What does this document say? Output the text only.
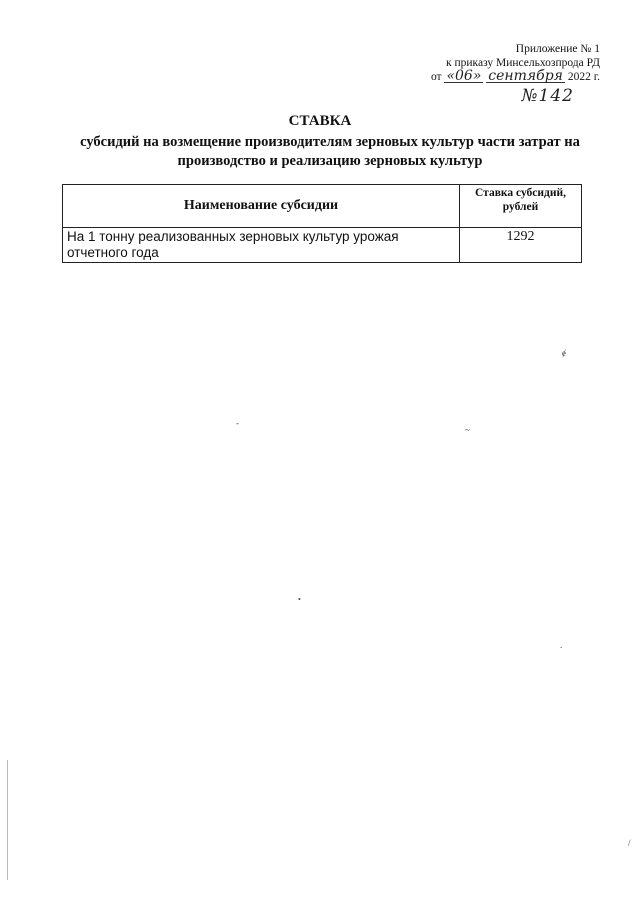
Приложение № 1
к приказу Минсельхозпрода РД
от «06» сентября 2022 г.
№142
СТАВКА
субсидий на возмещение производителям зерновых культур части затрат на производство и реализацию зерновых культур
Наименование субсидии	Ставка субсидий, рублей
На 1 тонну реализованных зерновых культур урожая отчетного года	1292
ɇ
-
~
•
.
/
